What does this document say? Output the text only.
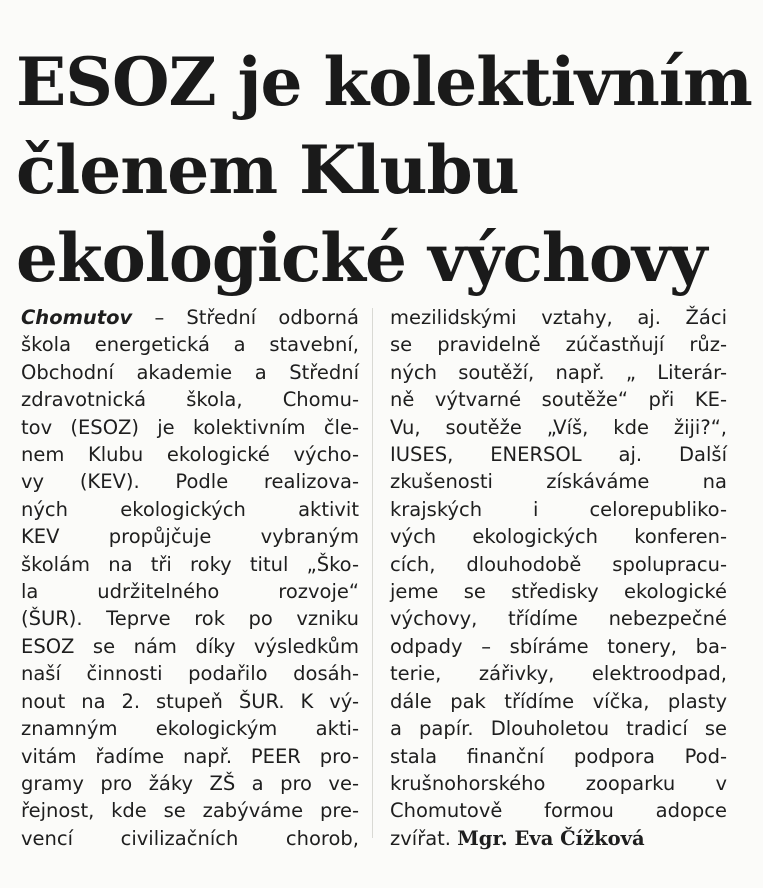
ESOZ je kolektivním
členem Klubu
ekologické výchovy
Chomutov – Střední odborná
škola energetická a stavební,
Obchodní akademie a Střední
zdravotnická škola, Chomu-
tov (ESOZ) je kolektivním čle-
nem Klubu ekologické výcho-
vy (KEV). Podle realizova-
ných ekologických aktivit
KEV propůjčuje vybraným
školám na tři roky titul „Ško-
la udržitelného rozvoje“
(ŠUR). Teprve rok po vzniku
ESOZ se nám díky výsledkům
naší činnosti podařilo dosáh-
nout na 2. stupeň ŠUR. K vý-
znamným ekologickým akti-
vitám řadíme např. PEER pro-
gramy pro žáky ZŠ a pro ve-
řejnost, kde se zabýváme pre-
vencí civilizačních chorob,
mezilidskými vztahy, aj. Žáci
se pravidelně zúčastňují růz-
ných soutěží, např. „ Literár-
ně výtvarné soutěže“ při KE-
Vu, soutěže „Víš, kde žiji?“,
IUSES, ENERSOL aj. Další
zkušenosti získáváme na
krajských i celorepubliko-
vých ekologických konferen-
cích, dlouhodobě spolupracu-
jeme se středisky ekologické
výchovy, třídíme nebezpečné
odpady – sbíráme tonery, ba-
terie, zářivky, elektroodpad,
dále pak třídíme víčka, plasty
a papír. Dlouholetou tradicí se
stala finanční podpora Pod-
krušnohorského zooparku v
Chomutově formou adopce
zvířat. Mgr. Eva Čížková
